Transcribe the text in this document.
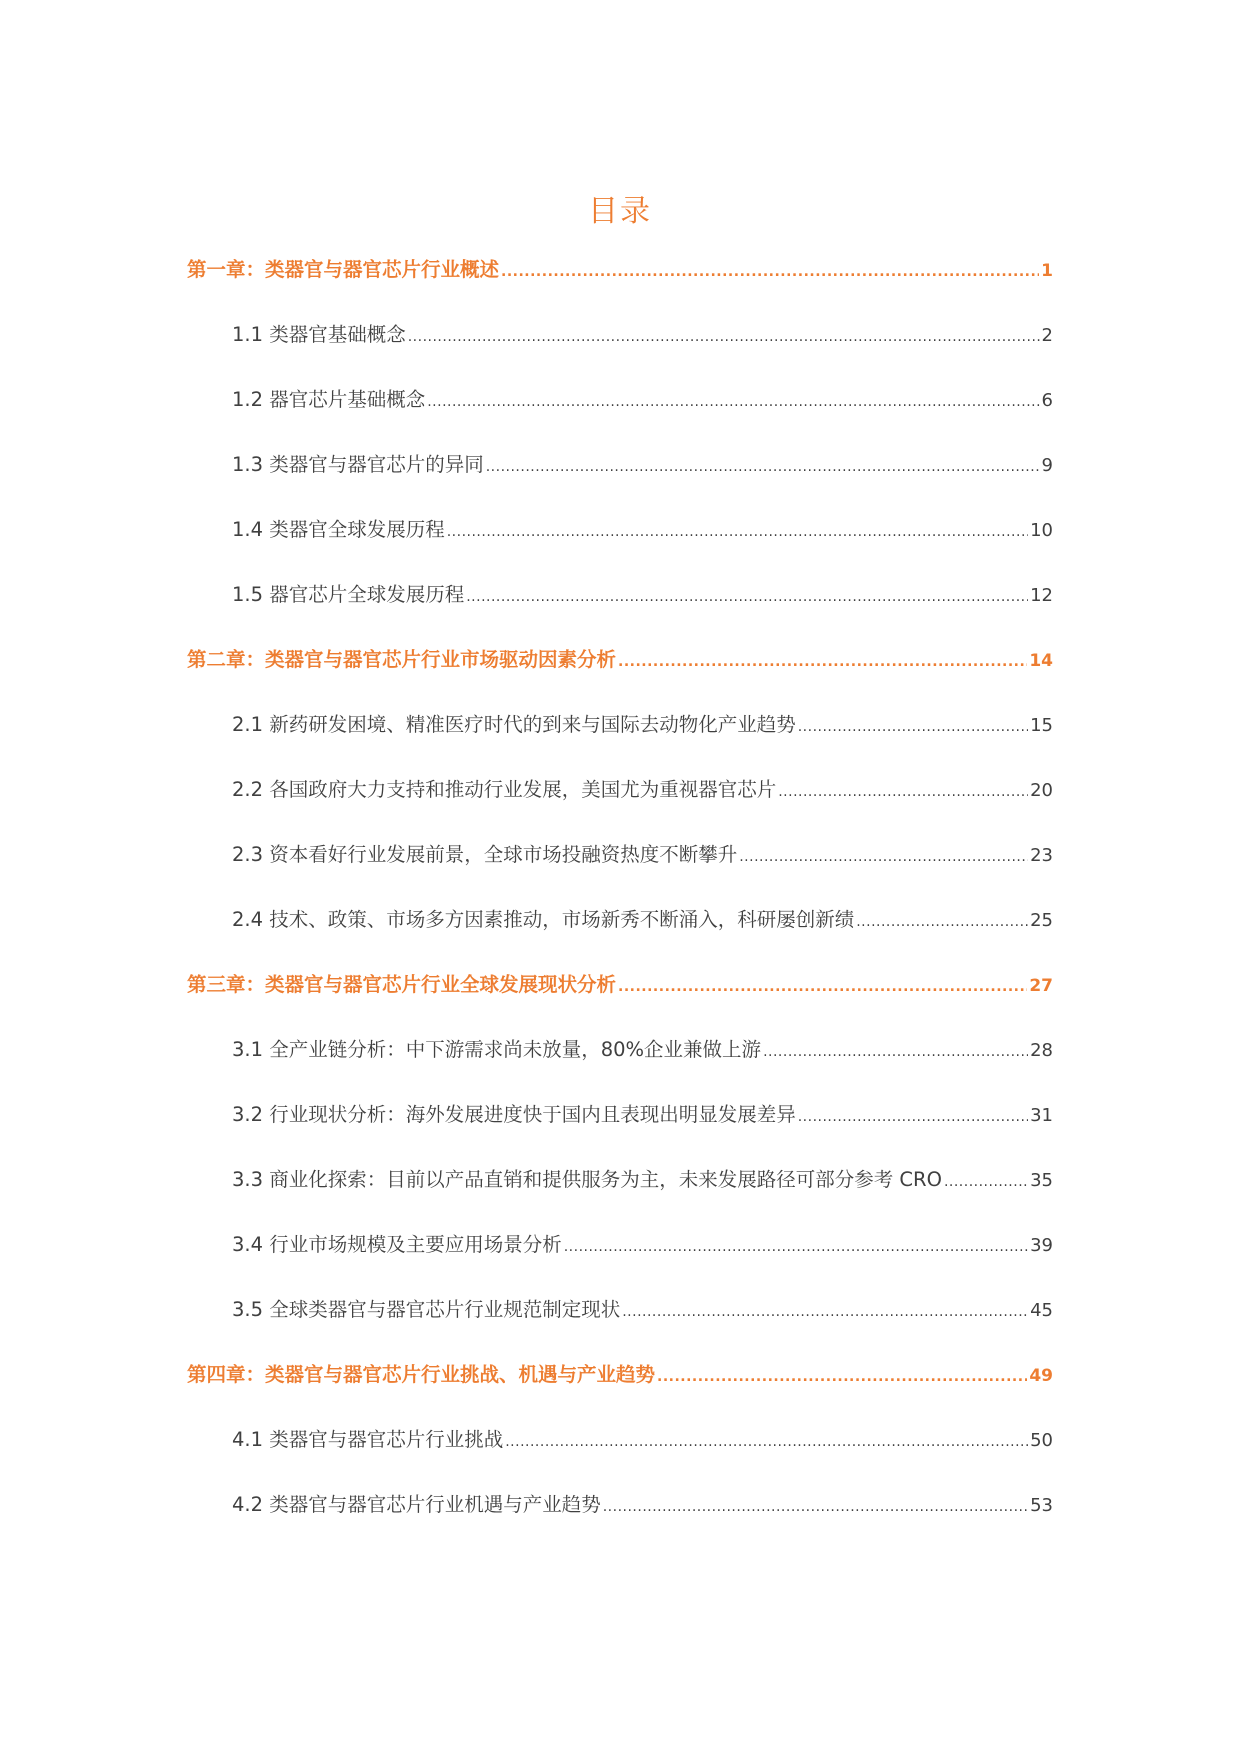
目录
第一章：类器官与器官芯片行业概述 .....	1
1.1 类器官基础概念 .....	2
1.2 器官芯片基础概念 .....	6
1.3 类器官与器官芯片的异同 .....	9
1.4 类器官全球发展历程 .....	10
1.5 器官芯片全球发展历程 .....	12
第二章：类器官与器官芯片行业市场驱动因素分析 .....	14
2.1 新药研发困境、精准医疗时代的到来与国际去动物化产业趋势 .....	15
2.2 各国政府大力支持和推动行业发展，美国尤为重视器官芯片 .....	20
2.3 资本看好行业发展前景，全球市场投融资热度不断攀升 .....	23
2.4 技术、政策、市场多方因素推动，市场新秀不断涌入，科研屡创新绩 .....	25
第三章：类器官与器官芯片行业全球发展现状分析 .....	27
3.1 全产业链分析：中下游需求尚未放量，80%企业兼做上游 .....	28
3.2 行业现状分析：海外发展进度快于国内且表现出明显发展差异 .....	31
3.3 商业化探索：目前以产品直销和提供服务为主，未来发展路径可部分参考 CRO .....	35
3.4 行业市场规模及主要应用场景分析 .....	39
3.5 全球类器官与器官芯片行业规范制定现状 .....	45
第四章：类器官与器官芯片行业挑战、机遇与产业趋势 .....	49
4.1 类器官与器官芯片行业挑战 .....	50
4.2 类器官与器官芯片行业机遇与产业趋势 .....	53
